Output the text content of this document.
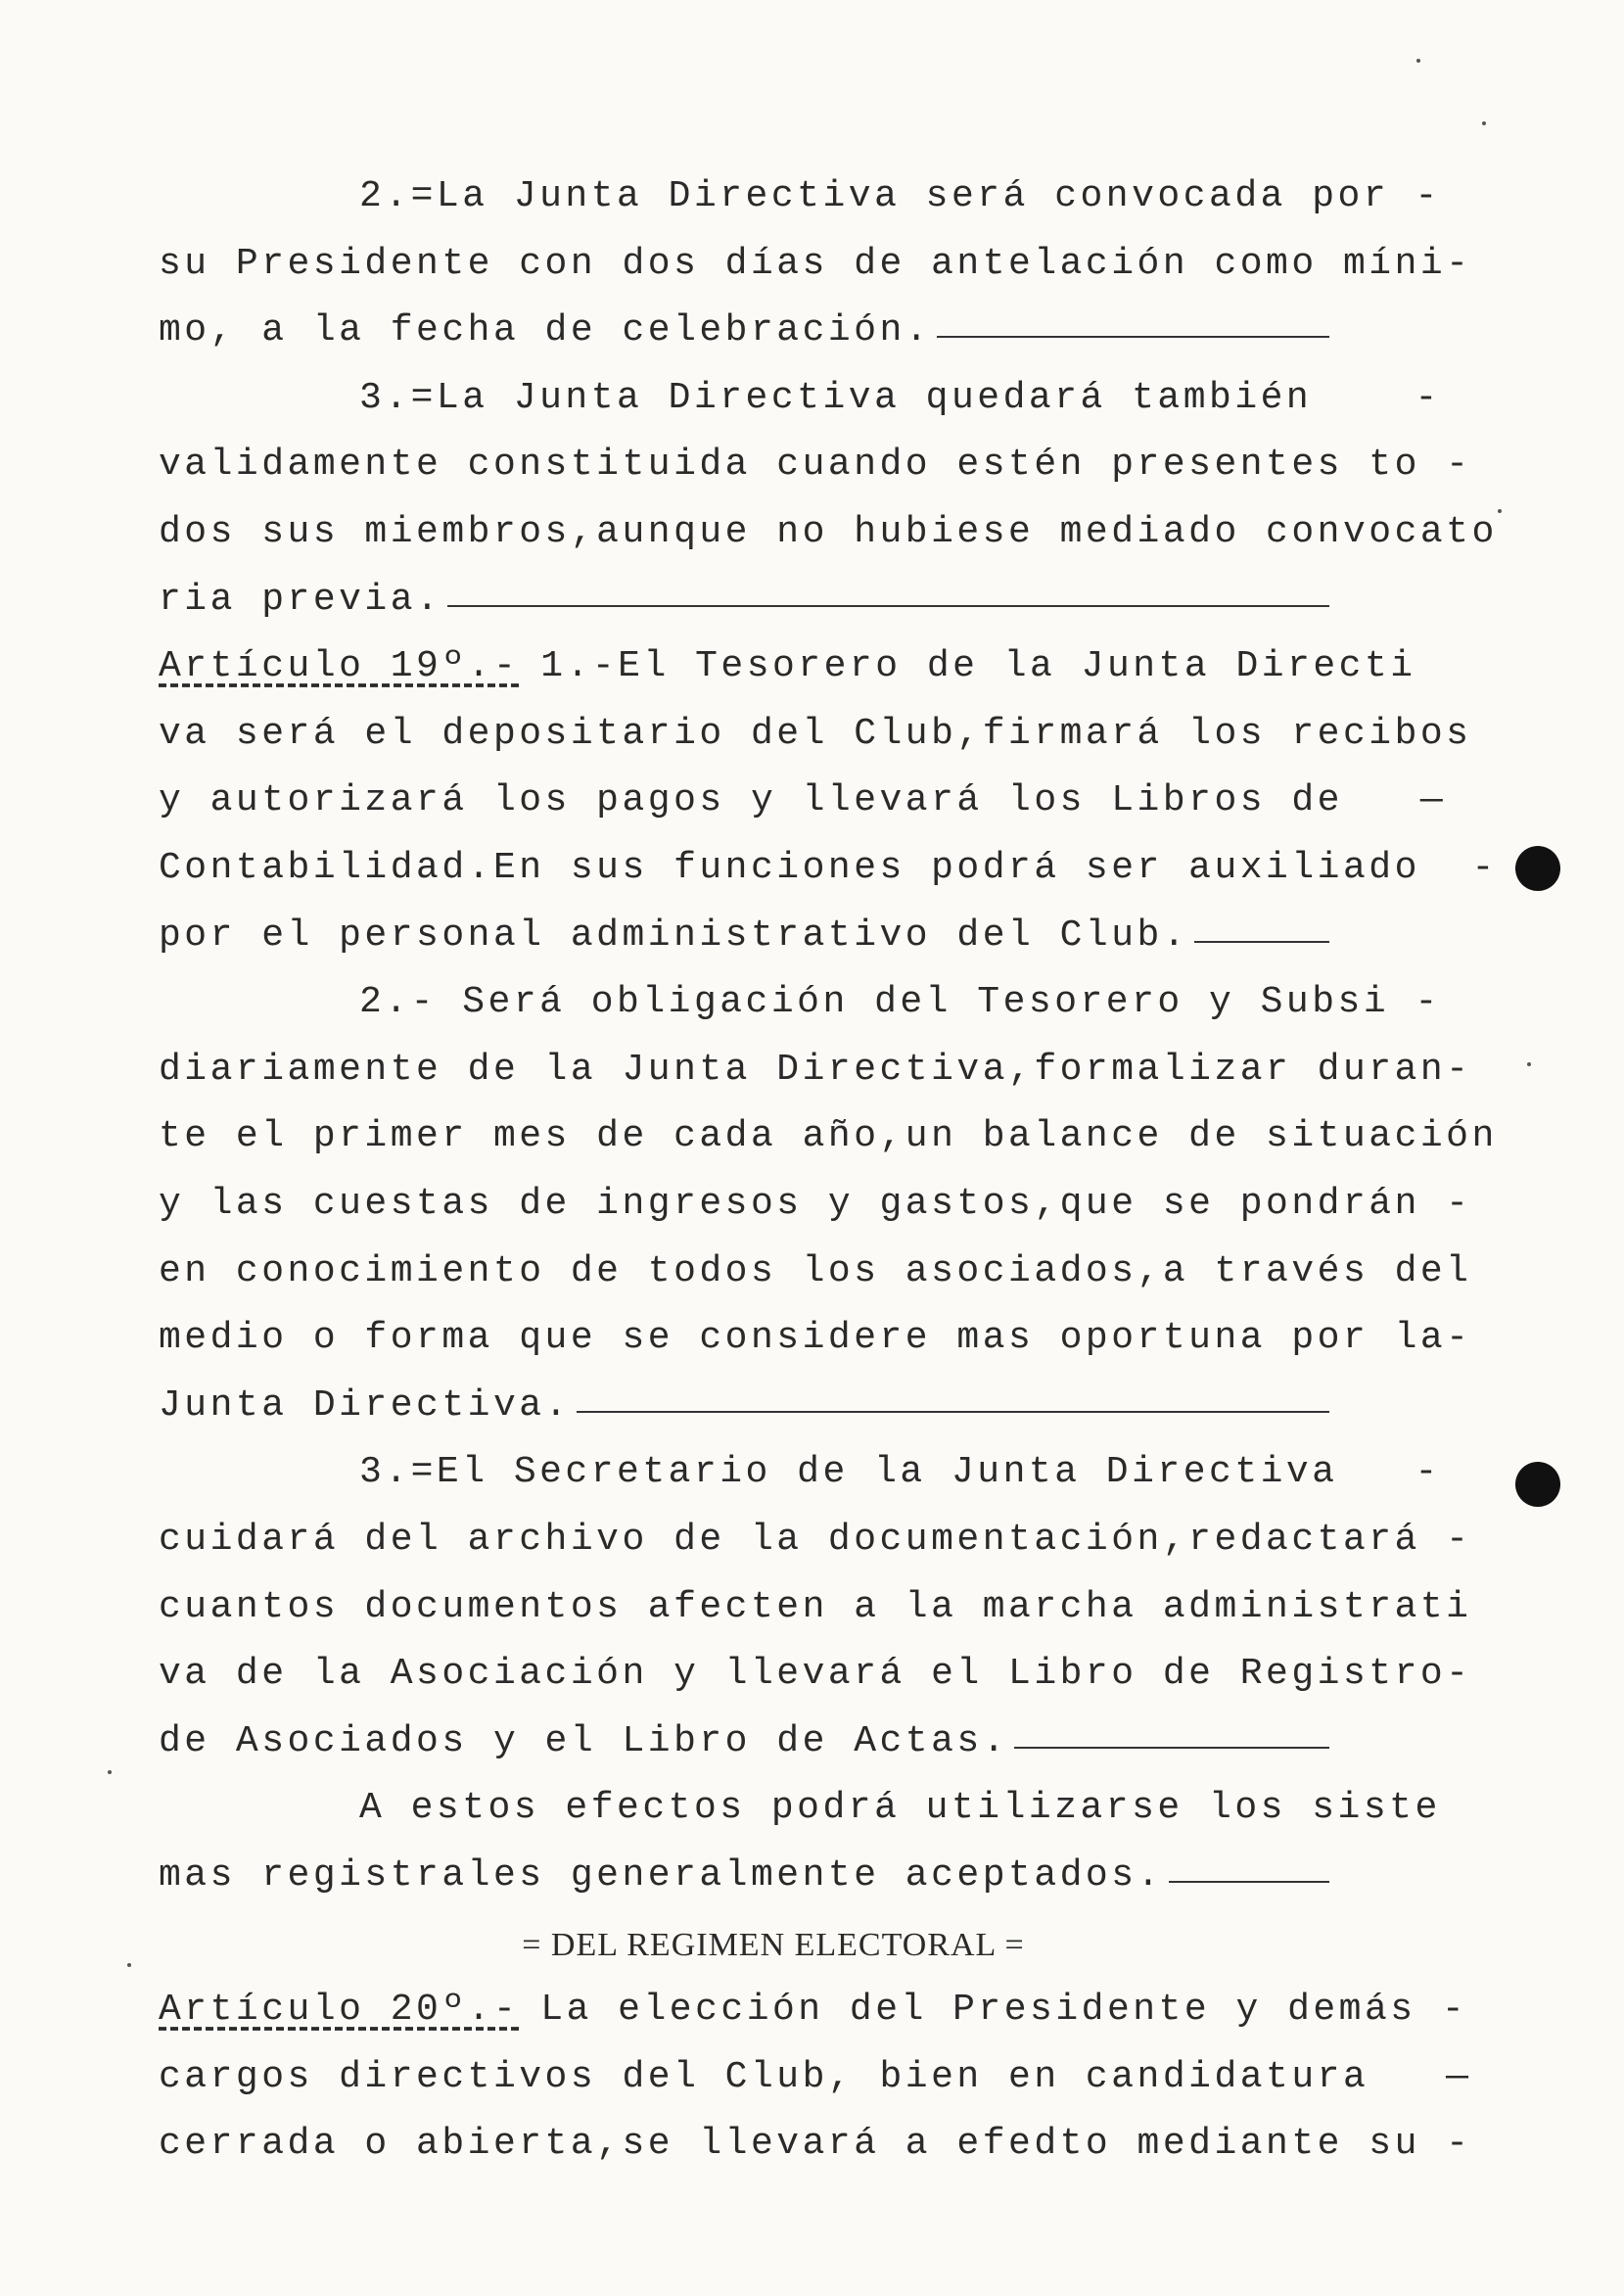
2.=La Junta Directiva será convocada por -
su Presidente con dos días de antelación como míni-
mo, a la fecha de celebración.
3.=La Junta Directiva quedará también    -
validamente constituida cuando estén presentes to -
dos sus miembros,aunque no hubiese mediado convocato
ria previa.
Artículo 19º.- 1.-El Tesorero de la Junta Directi
va será el depositario del Club,firmará los recibos
y autorizará los pagos y llevará los Libros de   —
Contabilidad.En sus funciones podrá ser auxiliado  -
por el personal administrativo del Club.
2.- Será obligación del Tesorero y Subsi -
diariamente de la Junta Directiva,formalizar duran-
te el primer mes de cada año,un balance de situación
y las cuestas de ingresos y gastos,que se pondrán -
en conocimiento de todos los asociados,a través del
medio o forma que se considere mas oportuna por la-
Junta Directiva.
3.=El Secretario de la Junta Directiva   -
cuidará del archivo de la documentación,redactará -
cuantos documentos afecten a la marcha administrati
va de la Asociación y llevará el Libro de Registro-
de Asociados y el Libro de Actas.
A estos efectos podrá utilizarse los siste
mas registrales generalmente aceptados.
= DEL REGIMEN ELECTORAL =
Artículo 20º.- La elección del Presidente y demás -
cargos directivos del Club, bien en candidatura   —
cerrada o abierta,se llevará a efedto mediante su -
